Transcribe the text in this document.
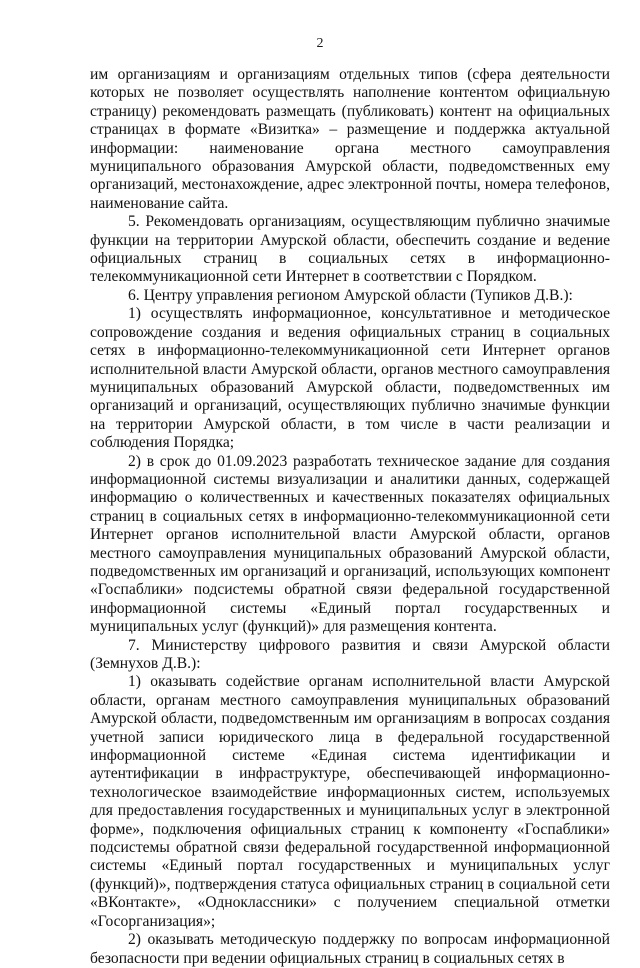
2

им организациям и организациям отдельных типов (сфера деятельности которых не позволяет осуществлять наполнение контентом официальную страницу) рекомендовать размещать (публиковать) контент на официальных страницах в формате «Визитка» – размещение и поддержка актуальной информации: наименование органа местного самоуправления муниципального образования Амурской области, подведомственных ему организаций, местонахождение, адрес электронной почты, номера телефонов, наименование сайта.

5. Рекомендовать организациям, осуществляющим публично значимые функции на территории Амурской области, обеспечить создание и ведение официальных страниц в социальных сетях в информационно-телекоммуникационной сети Интернет в соответствии с Порядком.

6. Центру управления регионом Амурской области (Тупиков Д.В.):

1) осуществлять информационное, консультативное и методическое сопровождение создания и ведения официальных страниц в социальных сетях в информационно-телекоммуникационной сети Интернет органов исполнительной власти Амурской области, органов местного самоуправления муниципальных образований Амурской области, подведомственных им организаций и организаций, осуществляющих публично значимые функции на территории Амурской области, в том числе в части реализации и соблюдения Порядка;

2) в срок до 01.09.2023 разработать техническое задание для создания информационной системы визуализации и аналитики данных, содержащей информацию о количественных и качественных показателях официальных страниц в социальных сетях в информационно-телекоммуникационной сети Интернет органов исполнительной власти Амурской области, органов местного самоуправления муниципальных образований Амурской области, подведомственных им организаций и организаций, использующих компонент «Госпаблики» подсистемы обратной связи федеральной государственной информационной системы «Единый портал государственных и муниципальных услуг (функций)» для размещения контента.

7. Министерству цифрового развития и связи Амурской области (Земнухов Д.В.):

1) оказывать содействие органам исполнительной власти Амурской области, органам местного самоуправления муниципальных образований Амурской области, подведомственным им организациям в вопросах создания учетной записи юридического лица в федеральной государственной информационной системе «Единая система идентификации и аутентификации в инфраструктуре, обеспечивающей информационно-технологическое взаимодействие информационных систем, используемых для предоставления государственных и муниципальных услуг в электронной форме», подключения официальных страниц к компоненту «Госпаблики» подсистемы обратной связи федеральной государственной информационной системы «Единый портал государственных и муниципальных услуг (функций)», подтверждения статуса официальных страниц в социальной сети «ВКонтакте», «Одноклассники» с получением специальной отметки «Госорганизация»;

2) оказывать методическую поддержку по вопросам информационной безопасности при ведении официальных страниц в социальных сетях в
